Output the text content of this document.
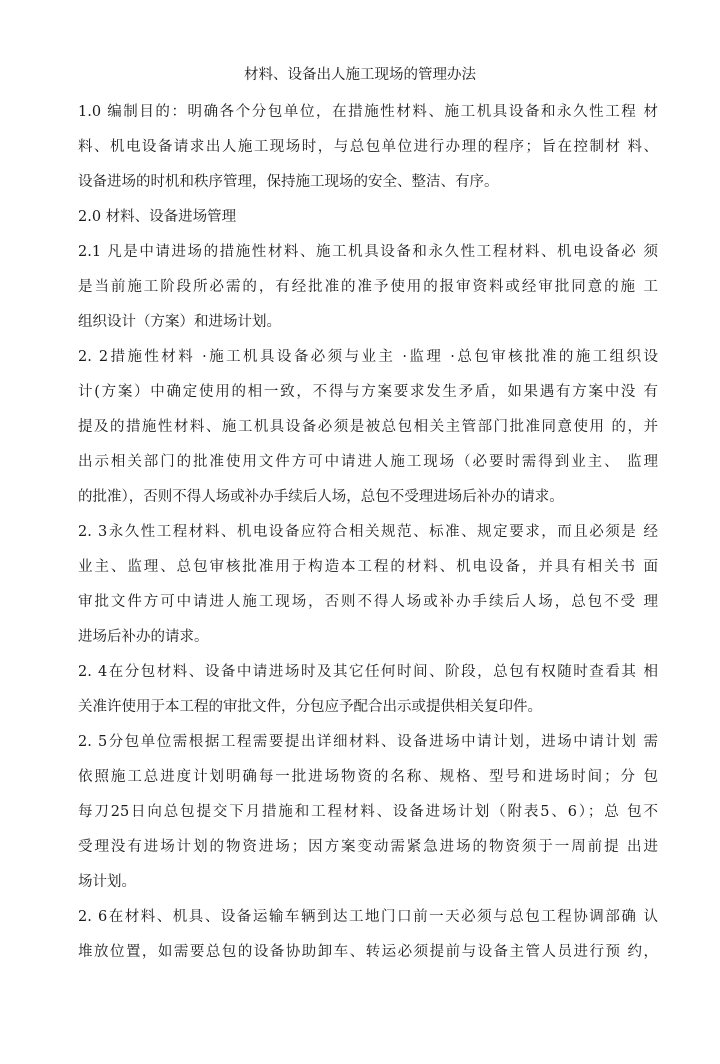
材料、设备出人施工现场的管理办法
1.0 编制目的：明确各个分包单位，在措施性材料、施工机具设备和永久性工程 材
料、机电设备请求出人施工现场时，与总包单位进行办理的程序；旨在控制材 料、
设备进场的时机和秩序管理，保持施工现场的安全、整洁、有序。
2.0 材料、设备进场管理
2.1 凡是中请进场的措施性材料、施工机具设备和永久性工程材料、机电设备必 须
是当前施工阶段所必需的，有经批准的准予使用的报审资料或经审批同意的施 工
组织设计（方案）和进场计划。
2. 2措施性材料 ·施工机具设备必须与业主 ·监理 ·总包审核批准的施工组织设
计(方案）中确定使用的相一致，不得与方案要求发生矛盾，如果遇有方案中没 有
提及的措施性材料、施工机具设备必须是被总包相关主管部门批准同意使用 的，并
出示相关部门的批准使用文件方可中请进人施工现场（必要时需得到业主、 监理
的批准），否则不得人场或补办手续后人场，总包不受理进场后补办的请求。
2. 3永久性工程材料、机电设备应符合相关规范、标准、规定要求，而且必须是 经
业主、监理、总包审核批准用于构造本工程的材料、机电设备，并具有相关书 面
审批文件方可中请进人施工现场，否则不得人场或补办手续后人场，总包不受 理
进场后补办的请求。
2. 4在分包材料、设备中请进场时及其它任何时间、阶段，总包有权随时查看其 相
关准许使用于本工程的审批文件，分包应予配合出示或提供相关复印件。
2. 5分包单位需根据工程需要提出详细材料、设备进场中请计划，进场中请计划 需
依照施工总进度计划明确每一批进场物资的名称、规格、型号和进场时间；分 包
每刀25日向总包提交下月措施和工程材料、设备进场计划（附表5、6）；总 包不
受理没有进场计划的物资进场；因方案变动需紧急进场的物资须于一周前提 出进
场计划。
2. 6在材料、机具、设备运输车辆到达工地门口前一天必须与总包工程协调部确 认
堆放位置，如需要总包的设备协助卸车、转运必须提前与设备主管人员进行预 约，
